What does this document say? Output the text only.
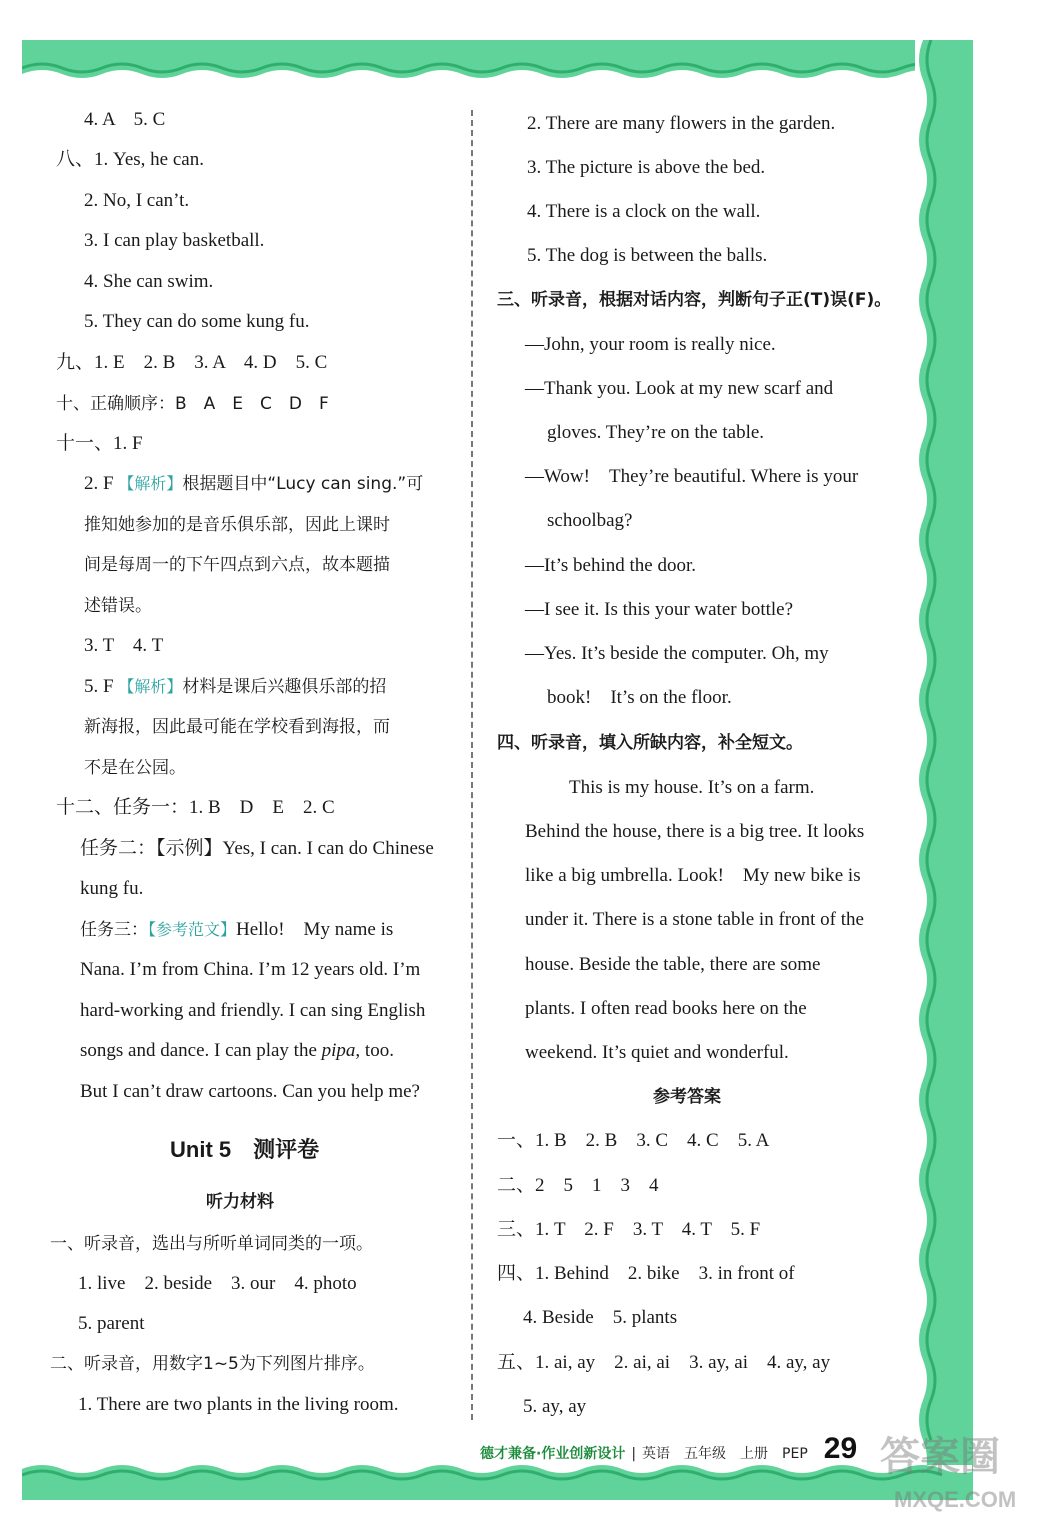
4. A　5. C
八、1. Yes, he can.
2. No, I can’t.
3. I can play basketball.
4. She can swim.
5. They can do some kung fu.
九、1. E　2. B　3. A　4. D　5. C
十、正确顺序：B　A　E　C　D　F
十一、1. F
2. F 【解析】根据题目中“Lucy can sing.”可
推知她参加的是音乐俱乐部，因此上课时
间是每周一的下午四点到六点，故本题描
述错误。
3. T　4. T
5. F 【解析】材料是课后兴趣俱乐部的招
新海报，因此最可能在学校看到海报，而
不是在公园。
十二、任务一：1. B　D　E　2. C
任务二：【示例】Yes, I can. I can do Chinese
kung fu.
任务三：【参考范文】Hello!　My name is
Nana. I’m from China. I’m 12 years old. I’m
hard-working and friendly. I can sing English
songs and dance. I can play the pipa, too.
But I can’t draw cartoons. Can you help me?
Unit 5　测评卷
听力材料
一、听录音，选出与所听单词同类的一项。
1. live　2. beside　3. our　4. photo
5. parent
二、听录音，用数字1~5为下列图片排序。
1. There are two plants in the living room.
2. There are many flowers in the garden.
3. The picture is above the bed.
4. There is a clock on the wall.
5. The dog is between the balls.
三、听录音，根据对话内容，判断句子正(T)误(F)。
—John, your room is really nice.
—Thank you. Look at my new scarf and
gloves. They’re on the table.
—Wow!　They’re beautiful. Where is your
schoolbag?
—It’s behind the door.
—I see it. Is this your water bottle?
—Yes. It’s beside the computer. Oh, my
book!　It’s on the floor.
四、听录音，填入所缺内容，补全短文。
This is my house. It’s on a farm.
Behind the house, there is a big tree. It looks
like a big umbrella. Look!　My new bike is
under it. There is a stone table in front of the
house. Beside the table, there are some
plants. I often read books here on the
weekend. It’s quiet and wonderful.
参考答案
一、1. B　2. B　3. C　4. C　5. A
二、2　5　1　3　4
三、1. T　2. F　3. T　4. T　5. F
四、1. Behind　2. bike　3. in front of
4. Beside　5. plants
五、1. ai, ay　2. ai, ai　3. ay, ai　4. ay, ay
5. ay, ay
德才兼备·作业创新设计 | 英语　五年级　上册　PEP 29 答案圈
MXQE.COM
